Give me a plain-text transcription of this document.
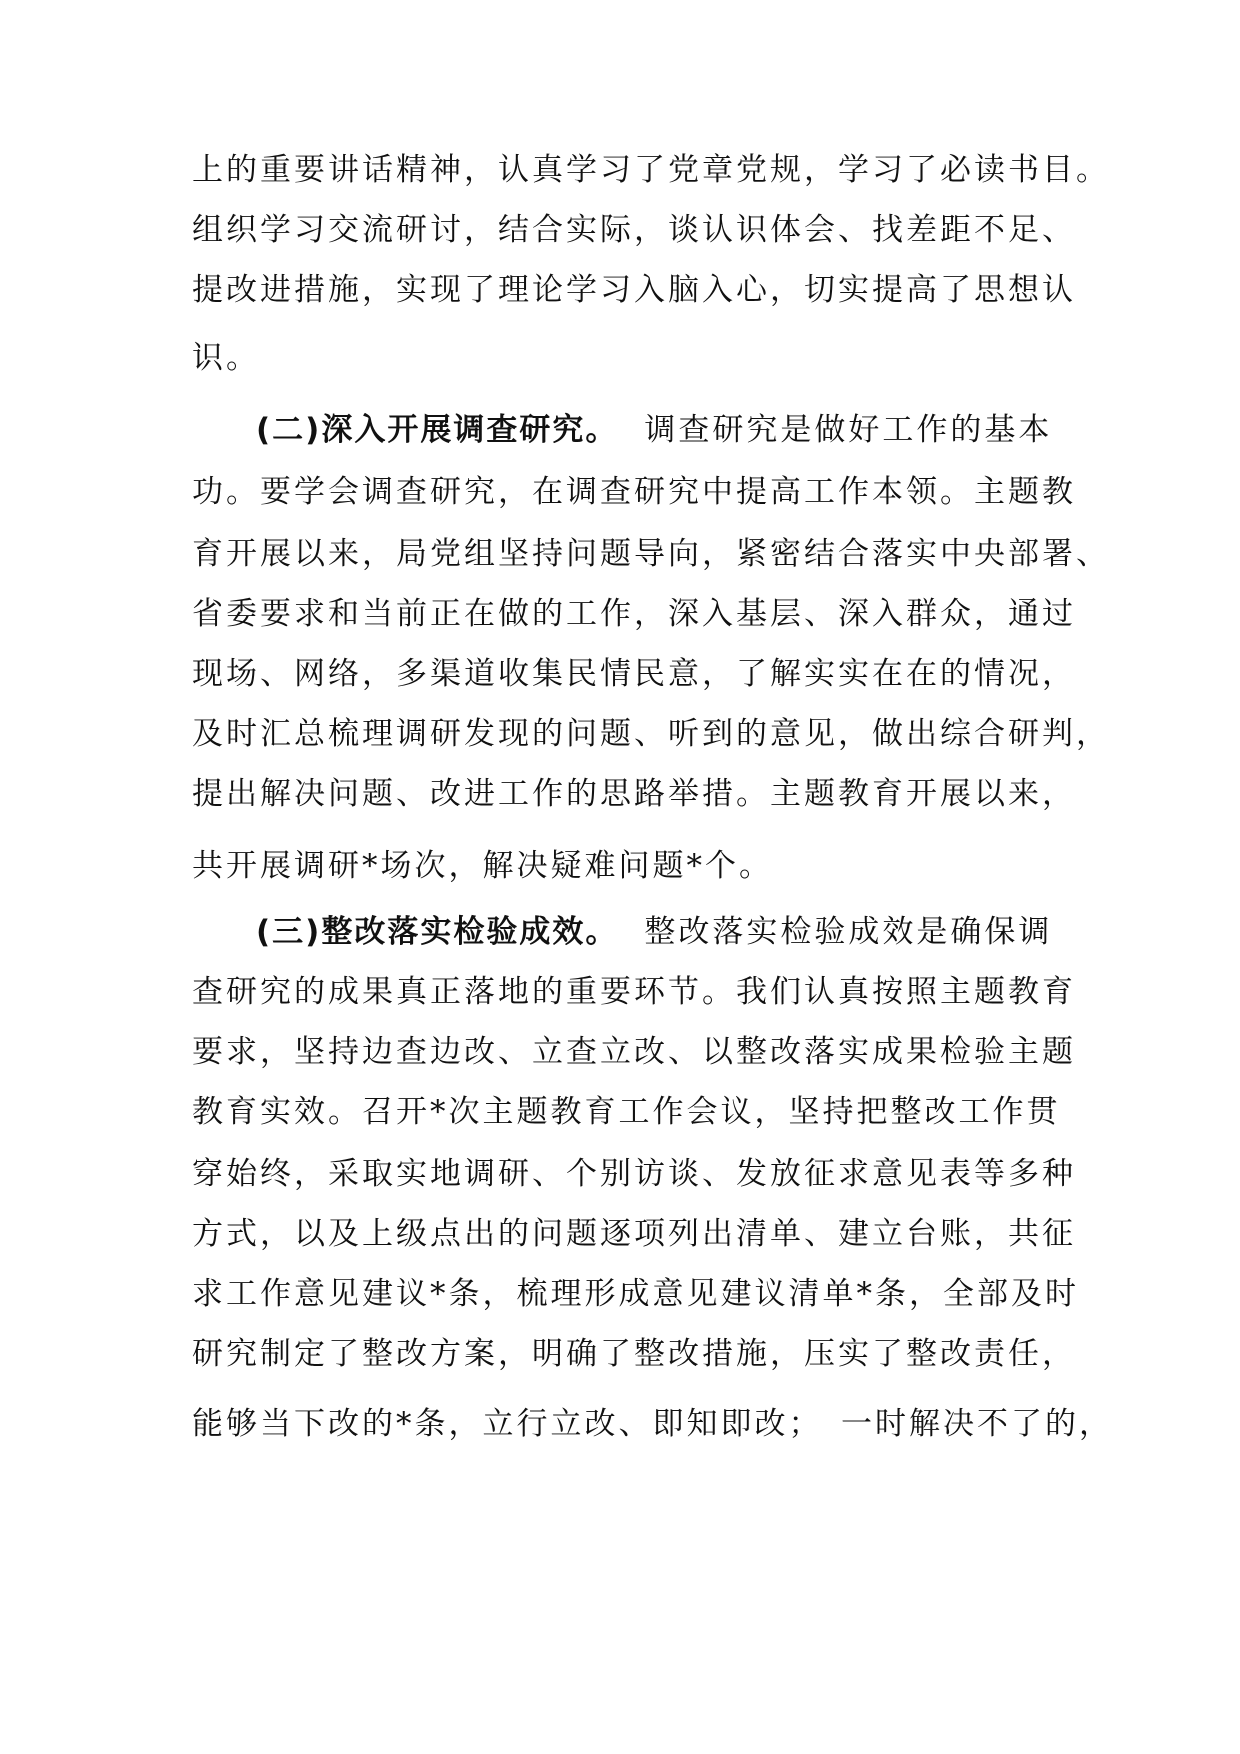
上的重要讲话精神，认真学习了党章党规，学习了必读书目。
组织学习交流研讨，结合实际，谈认识体会、找差距不足、
提改进措施，实现了理论学习入脑入心，切实提高了思想认
识。
(二)深入开展调查研究。 调查研究是做好工作的基本
功。要学会调查研究，在调查研究中提高工作本领。主题教
育开展以来，局党组坚持问题导向，紧密结合落实中央部署、
省委要求和当前正在做的工作，深入基层、深入群众，通过
现场、网络，多渠道收集民情民意，了解实实在在的情况，
及时汇总梳理调研发现的问题、听到的意见，做出综合研判，
提出解决问题、改进工作的思路举措。主题教育开展以来，
共开展调研*场次，解决疑难问题*个。
(三)整改落实检验成效。 整改落实检验成效是确保调
查研究的成果真正落地的重要环节。我们认真按照主题教育
要求，坚持边查边改、立查立改、以整改落实成果检验主题
教育实效。召开*次主题教育工作会议，坚持把整改工作贯
穿始终，采取实地调研、个别访谈、发放征求意见表等多种
方式，以及上级点出的问题逐项列出清单、建立台账，共征
求工作意见建议*条，梳理形成意见建议清单*条，全部及时
研究制定了整改方案，明确了整改措施，压实了整改责任，
能够当下改的*条，立行立改、即知即改；　一时解决不了的，
